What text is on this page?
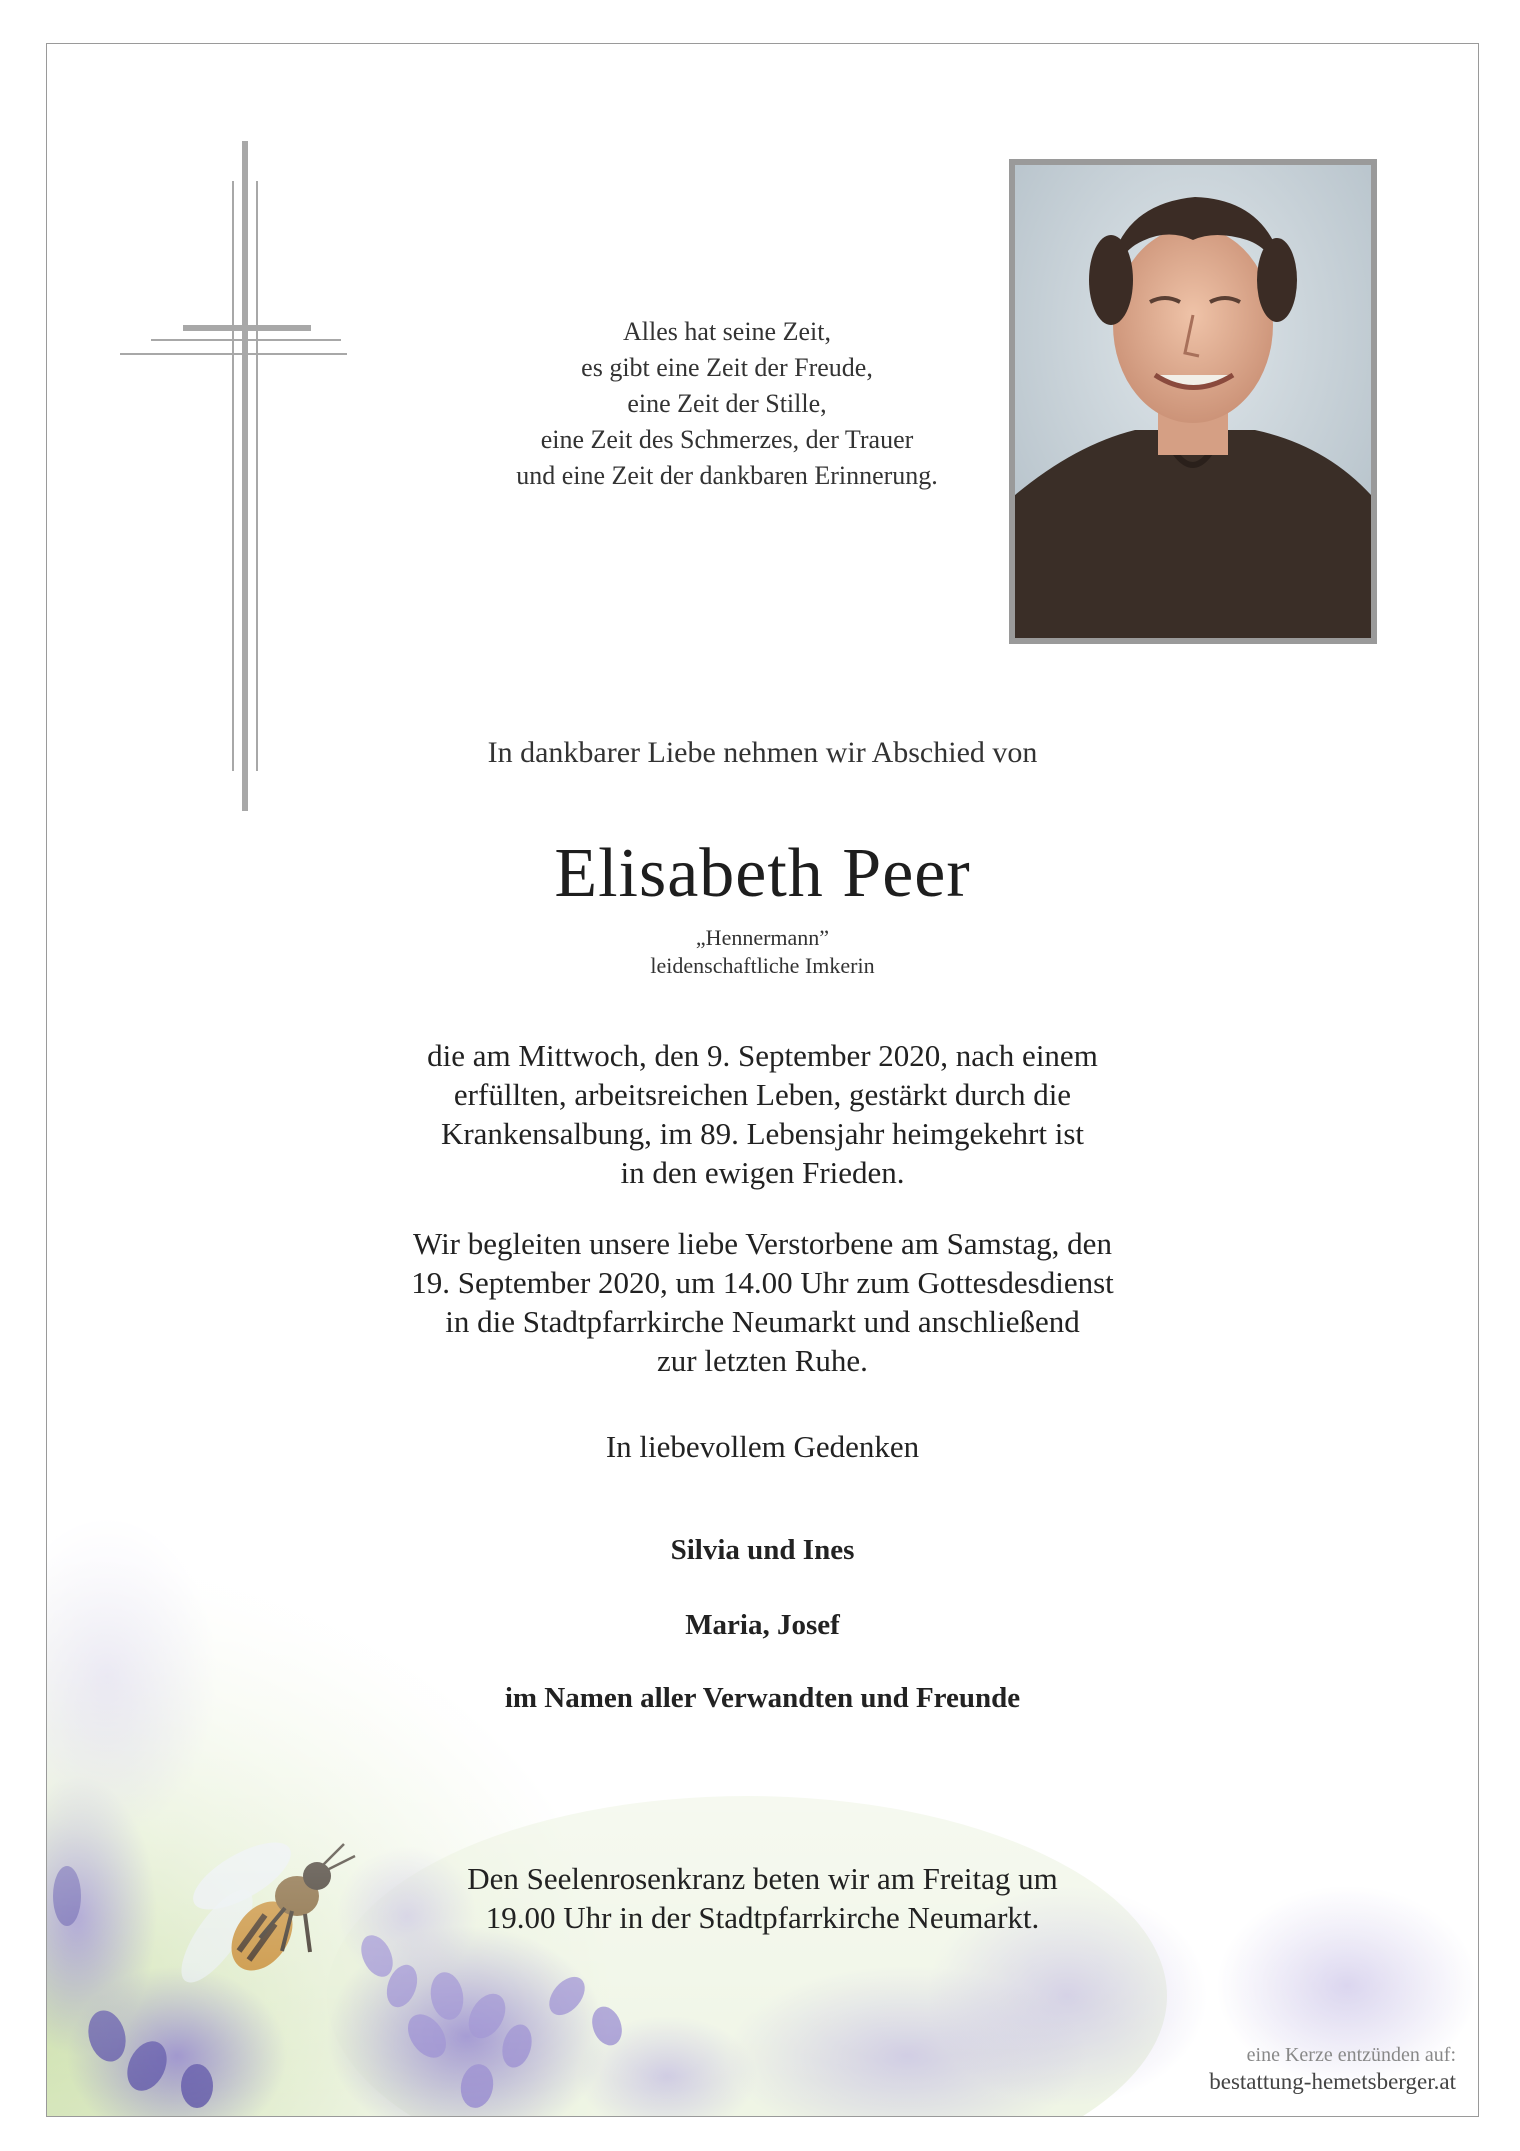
Alles hat seine Zeit,
es gibt eine Zeit der Freude,
eine Zeit der Stille,
eine Zeit des Schmerzes, der Trauer
und eine Zeit der dankbaren Erinnerung.
In dankbarer Liebe nehmen wir Abschied von
Elisabeth Peer
„Hennermann”
leidenschaftliche Imkerin
die am Mittwoch, den 9. September 2020, nach einem
erfüllten, arbeitsreichen Leben, gestärkt durch die
Krankensalbung, im 89. Lebensjahr heimgekehrt ist
in den ewigen Frieden.
Wir begleiten unsere liebe Verstorbene am Samstag, den
19. September 2020, um 14.00 Uhr zum Gottesdesdienst
in die Stadtpfarrkirche Neumarkt und anschließend
zur letzten Ruhe.
In liebevollem Gedenken
Silvia und Ines
Maria, Josef
im Namen aller Verwandten und Freunde
Den Seelenrosenkranz beten wir am Freitag um
19.00 Uhr in der Stadtpfarrkirche Neumarkt.
eine Kerze entzünden auf:
bestattung-hemetsberger.at
